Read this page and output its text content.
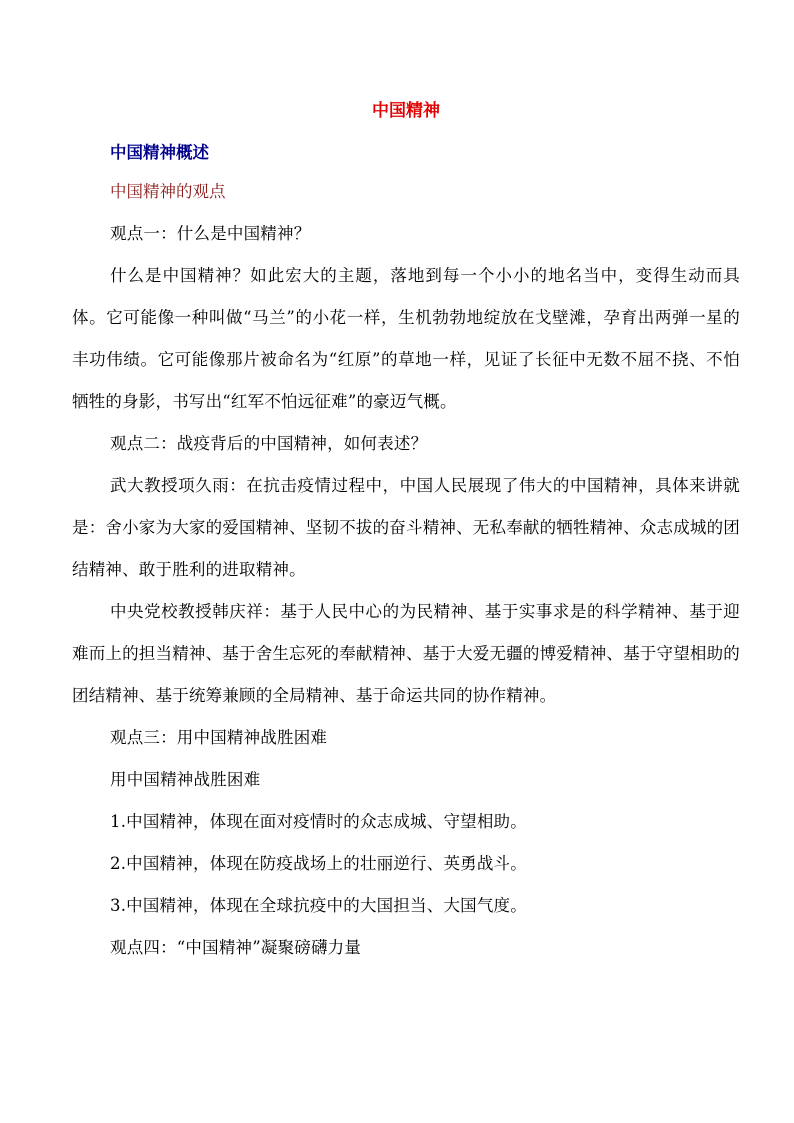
中国精神
中国精神概述
中国精神的观点
观点一：什么是中国精神？
什么是中国精神？如此宏大的主题，落地到每一个小小的地名当中，变得生动而具体。它可能像一种叫做“马兰”的小花一样，生机勃勃地绽放在戈壁滩，孕育出两弹一星的丰功伟绩。它可能像那片被命名为“红原”的草地一样，见证了长征中无数不屈不挠、不怕牺牲的身影，书写出“红军不怕远征难”的豪迈气概。
观点二：战疫背后的中国精神，如何表述？
武大教授项久雨：在抗击疫情过程中，中国人民展现了伟大的中国精神，具体来讲就是：舍小家为大家的爱国精神、坚韧不拔的奋斗精神、无私奉献的牺牲精神、众志成城的团结精神、敢于胜利的进取精神。
中央党校教授韩庆祥：基于人民中心的为民精神、基于实事求是的科学精神、基于迎难而上的担当精神、基于舍生忘死的奉献精神、基于大爱无疆的博爱精神、基于守望相助的团结精神、基于统筹兼顾的全局精神、基于命运共同的协作精神。
观点三：用中国精神战胜困难
用中国精神战胜困难
1.中国精神，体现在面对疫情时的众志成城、守望相助。
2.中国精神，体现在防疫战场上的壮丽逆行、英勇战斗。
3.中国精神，体现在全球抗疫中的大国担当、大国气度。
观点四：“中国精神”凝聚磅礴力量
